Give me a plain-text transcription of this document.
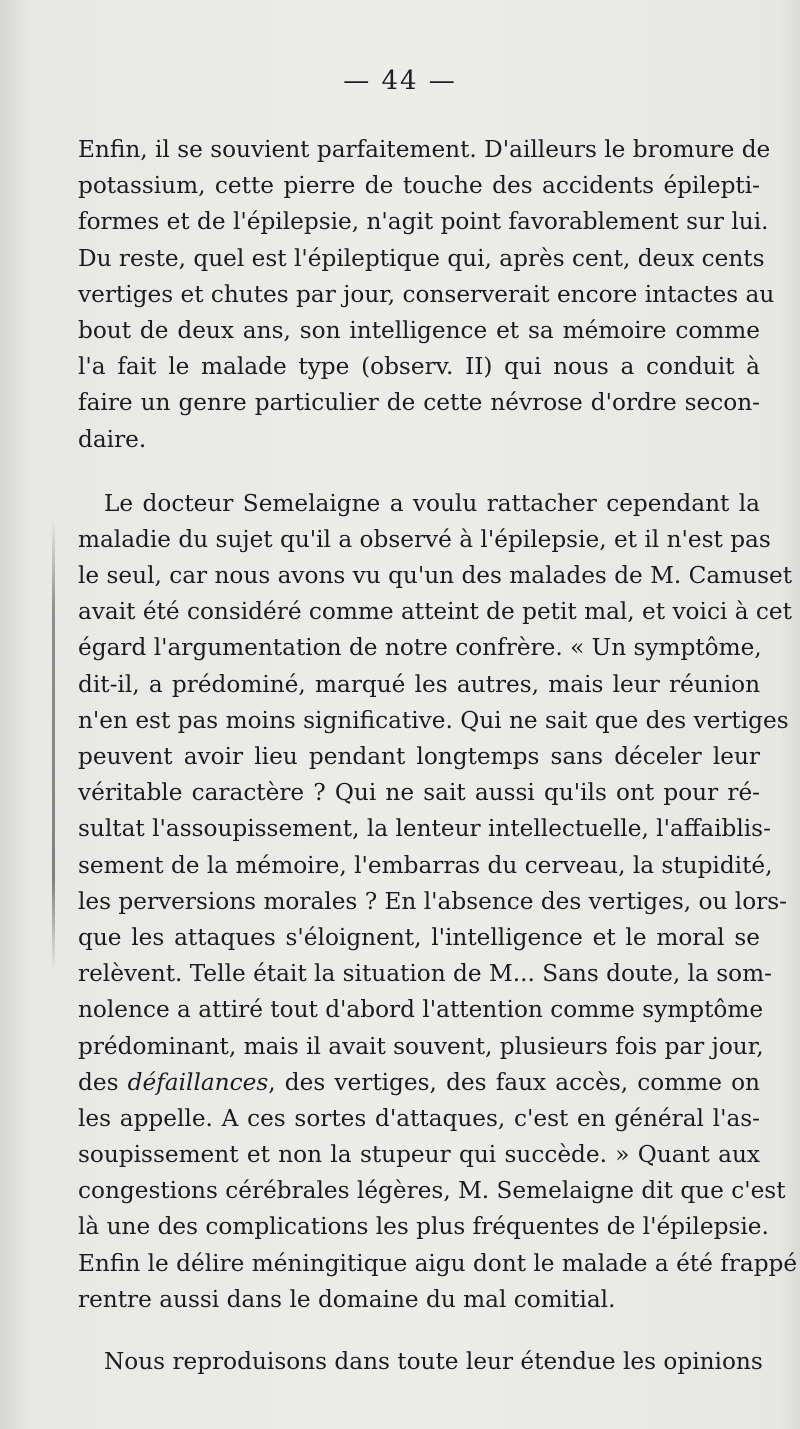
— 44 —
Enfin, il se souvient parfaitement. D'ailleurs le bromure de
potassium, cette pierre de touche des accidents épilepti-
formes et de l'épilepsie, n'agit point favorablement sur lui.
Du reste, quel est l'épileptique qui, après cent, deux cents
vertiges et chutes par jour, conserverait encore intactes au
bout de deux ans, son intelligence et sa mémoire comme
l'a fait le malade type (observ. II) qui nous a conduit à
faire un genre particulier de cette névrose d'ordre secon-
daire.
Le docteur Semelaigne a voulu rattacher cependant la
maladie du sujet qu'il a observé à l'épilepsie, et il n'est pas
le seul, car nous avons vu qu'un des malades de M. Camuset
avait été considéré comme atteint de petit mal, et voici à cet
égard l'argumentation de notre confrère. « Un symptôme,
dit-il, a prédominé, marqué les autres, mais leur réunion
n'en est pas moins significative. Qui ne sait que des vertiges
peuvent avoir lieu pendant longtemps sans déceler leur
véritable caractère ? Qui ne sait aussi qu'ils ont pour ré-
sultat l'assoupissement, la lenteur intellectuelle, l'affaiblis-
sement de la mémoire, l'embarras du cerveau, la stupidité,
les perversions morales ? En l'absence des vertiges, ou lors-
que les attaques s'éloignent, l'intelligence et le moral se
relèvent. Telle était la situation de M... Sans doute, la som-
nolence a attiré tout d'abord l'attention comme symptôme
prédominant, mais il avait souvent, plusieurs fois par jour,
des défaillances, des vertiges, des faux accès, comme on
les appelle. A ces sortes d'attaques, c'est en général l'as-
soupissement et non la stupeur qui succède. » Quant aux
congestions cérébrales légères, M. Semelaigne dit que c'est
là une des complications les plus fréquentes de l'épilepsie.
Enfin le délire méningitique aigu dont le malade a été frappé
rentre aussi dans le domaine du mal comitial.
Nous reproduisons dans toute leur étendue les opinions
